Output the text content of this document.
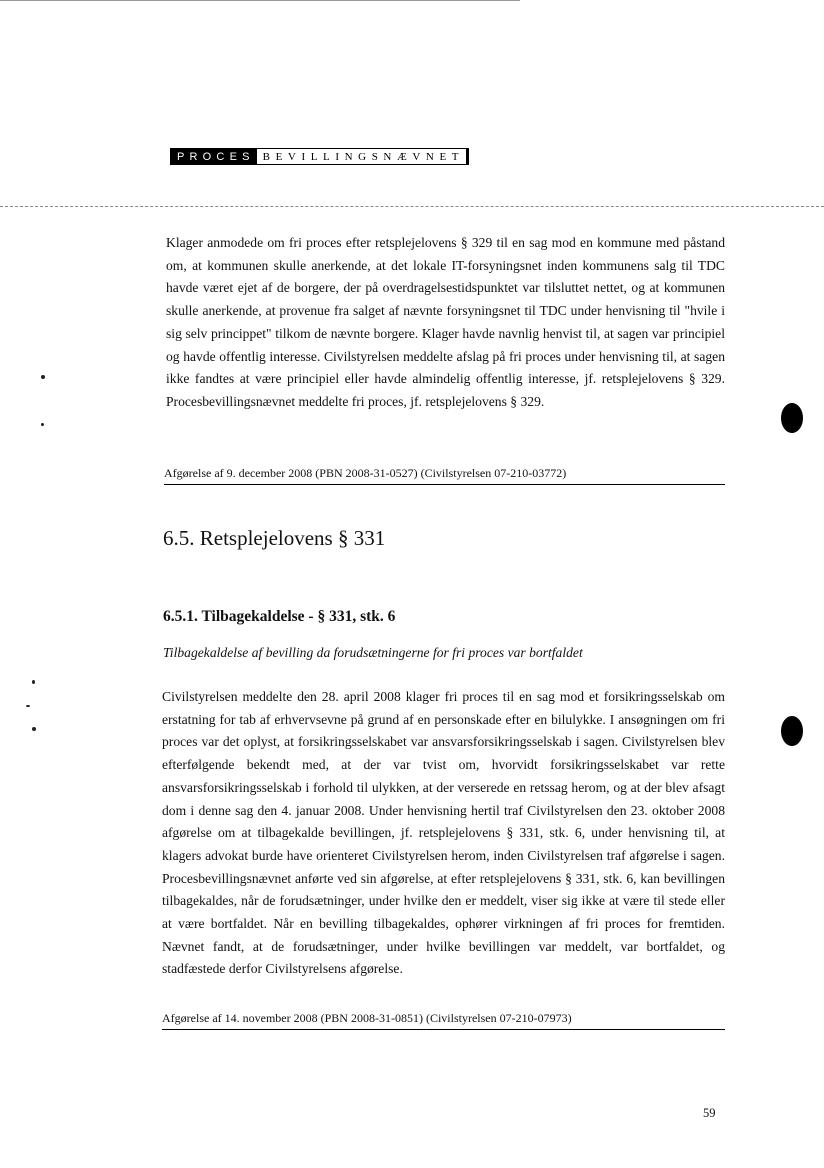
PROCES BEVILLINGSNÆVNET

Klager anmodede om fri proces efter retsplejelovens § 329 til en sag mod en kommune med påstand om, at kommunen skulle anerkende, at det lokale IT-forsyningsnet inden kommunens salg til TDC havde været ejet af de borgere, der på overdragelsestidspunktet var tilsluttet nettet, og at kommunen skulle anerkende, at provenue fra salget af nævnte forsyningsnet til TDC under henvisning til "hvile i sig selv princippet" tilkom de nævnte borgere. Klager havde navnlig henvist til, at sagen var principiel og havde offentlig interesse. Civilstyrelsen meddelte afslag på fri proces under henvisning til, at sagen ikke fandtes at være principiel eller havde almindelig offentlig interesse, jf. retsplejelovens § 329. Procesbevillingsnævnet meddelte fri proces, jf. retsplejelovens § 329.

Afgørelse af 9. december 2008 (PBN 2008-31-0527) (Civilstyrelsen 07-210-03772)
6.5. Retsplejelovens § 331
6.5.1. Tilbagekaldelse - § 331, stk. 6

Tilbagekaldelse af bevilling da forudsætningerne for fri proces var bortfaldet

Civilstyrelsen meddelte den 28. april 2008 klager fri proces til en sag mod et forsikringsselskab om erstatning for tab af erhvervsevne på grund af en personskade efter en bilulykke. I ansøgningen om fri proces var det oplyst, at forsikringsselskabet var ansvarsforsikringsselskab i sagen. Civilstyrelsen blev efterfølgende bekendt med, at der var tvist om, hvorvidt forsikringsselskabet var rette ansvarsforsikringsselskab i forhold til ulykken, at der verserede en retssag herom, og at der blev afsagt dom i denne sag den 4. januar 2008. Under henvisning hertil traf Civilstyrelsen den 23. oktober 2008 afgørelse om at tilbagekalde bevillingen, jf. retsplejelovens § 331, stk. 6, under henvisning til, at klagers advokat burde have orienteret Civilstyrelsen herom, inden Civilstyrelsen traf afgørelse i sagen. Procesbevillingsnævnet anførte ved sin afgørelse, at efter retsplejelovens § 331, stk. 6, kan bevillingen tilbagekaldes, når de forudsætninger, under hvilke den er meddelt, viser sig ikke at være til stede eller at være bortfaldet. Når en bevilling tilbagekaldes, ophører virkningen af fri proces for fremtiden. Nævnet fandt, at de forudsætninger, under hvilke bevillingen var meddelt, var bortfaldet, og stadfæstede derfor Civilstyrelsens afgørelse.

Afgørelse af 14. november 2008 (PBN 2008-31-0851) (Civilstyrelsen 07-210-07973)
59
